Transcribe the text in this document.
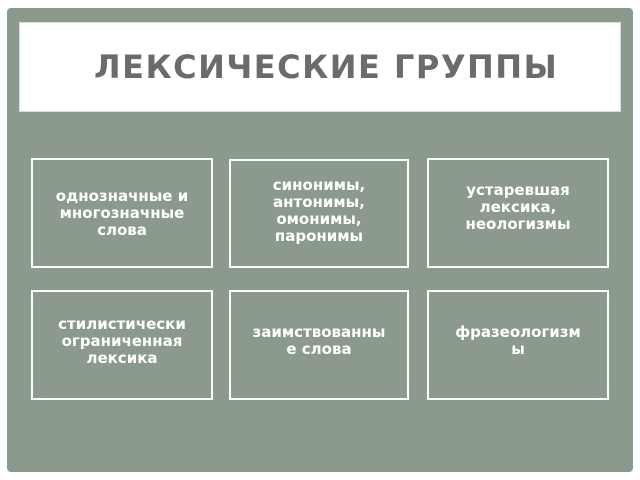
ЛЕКСИЧЕСКИЕ ГРУППЫ
однозначные и
многозначные
слова
синонимы,
антонимы,
омонимы,
паронимы
устаревшая
лексика,
неологизмы
стилистически
ограниченная
лексика
заимствованны
е слова
фразеологизм
ы
